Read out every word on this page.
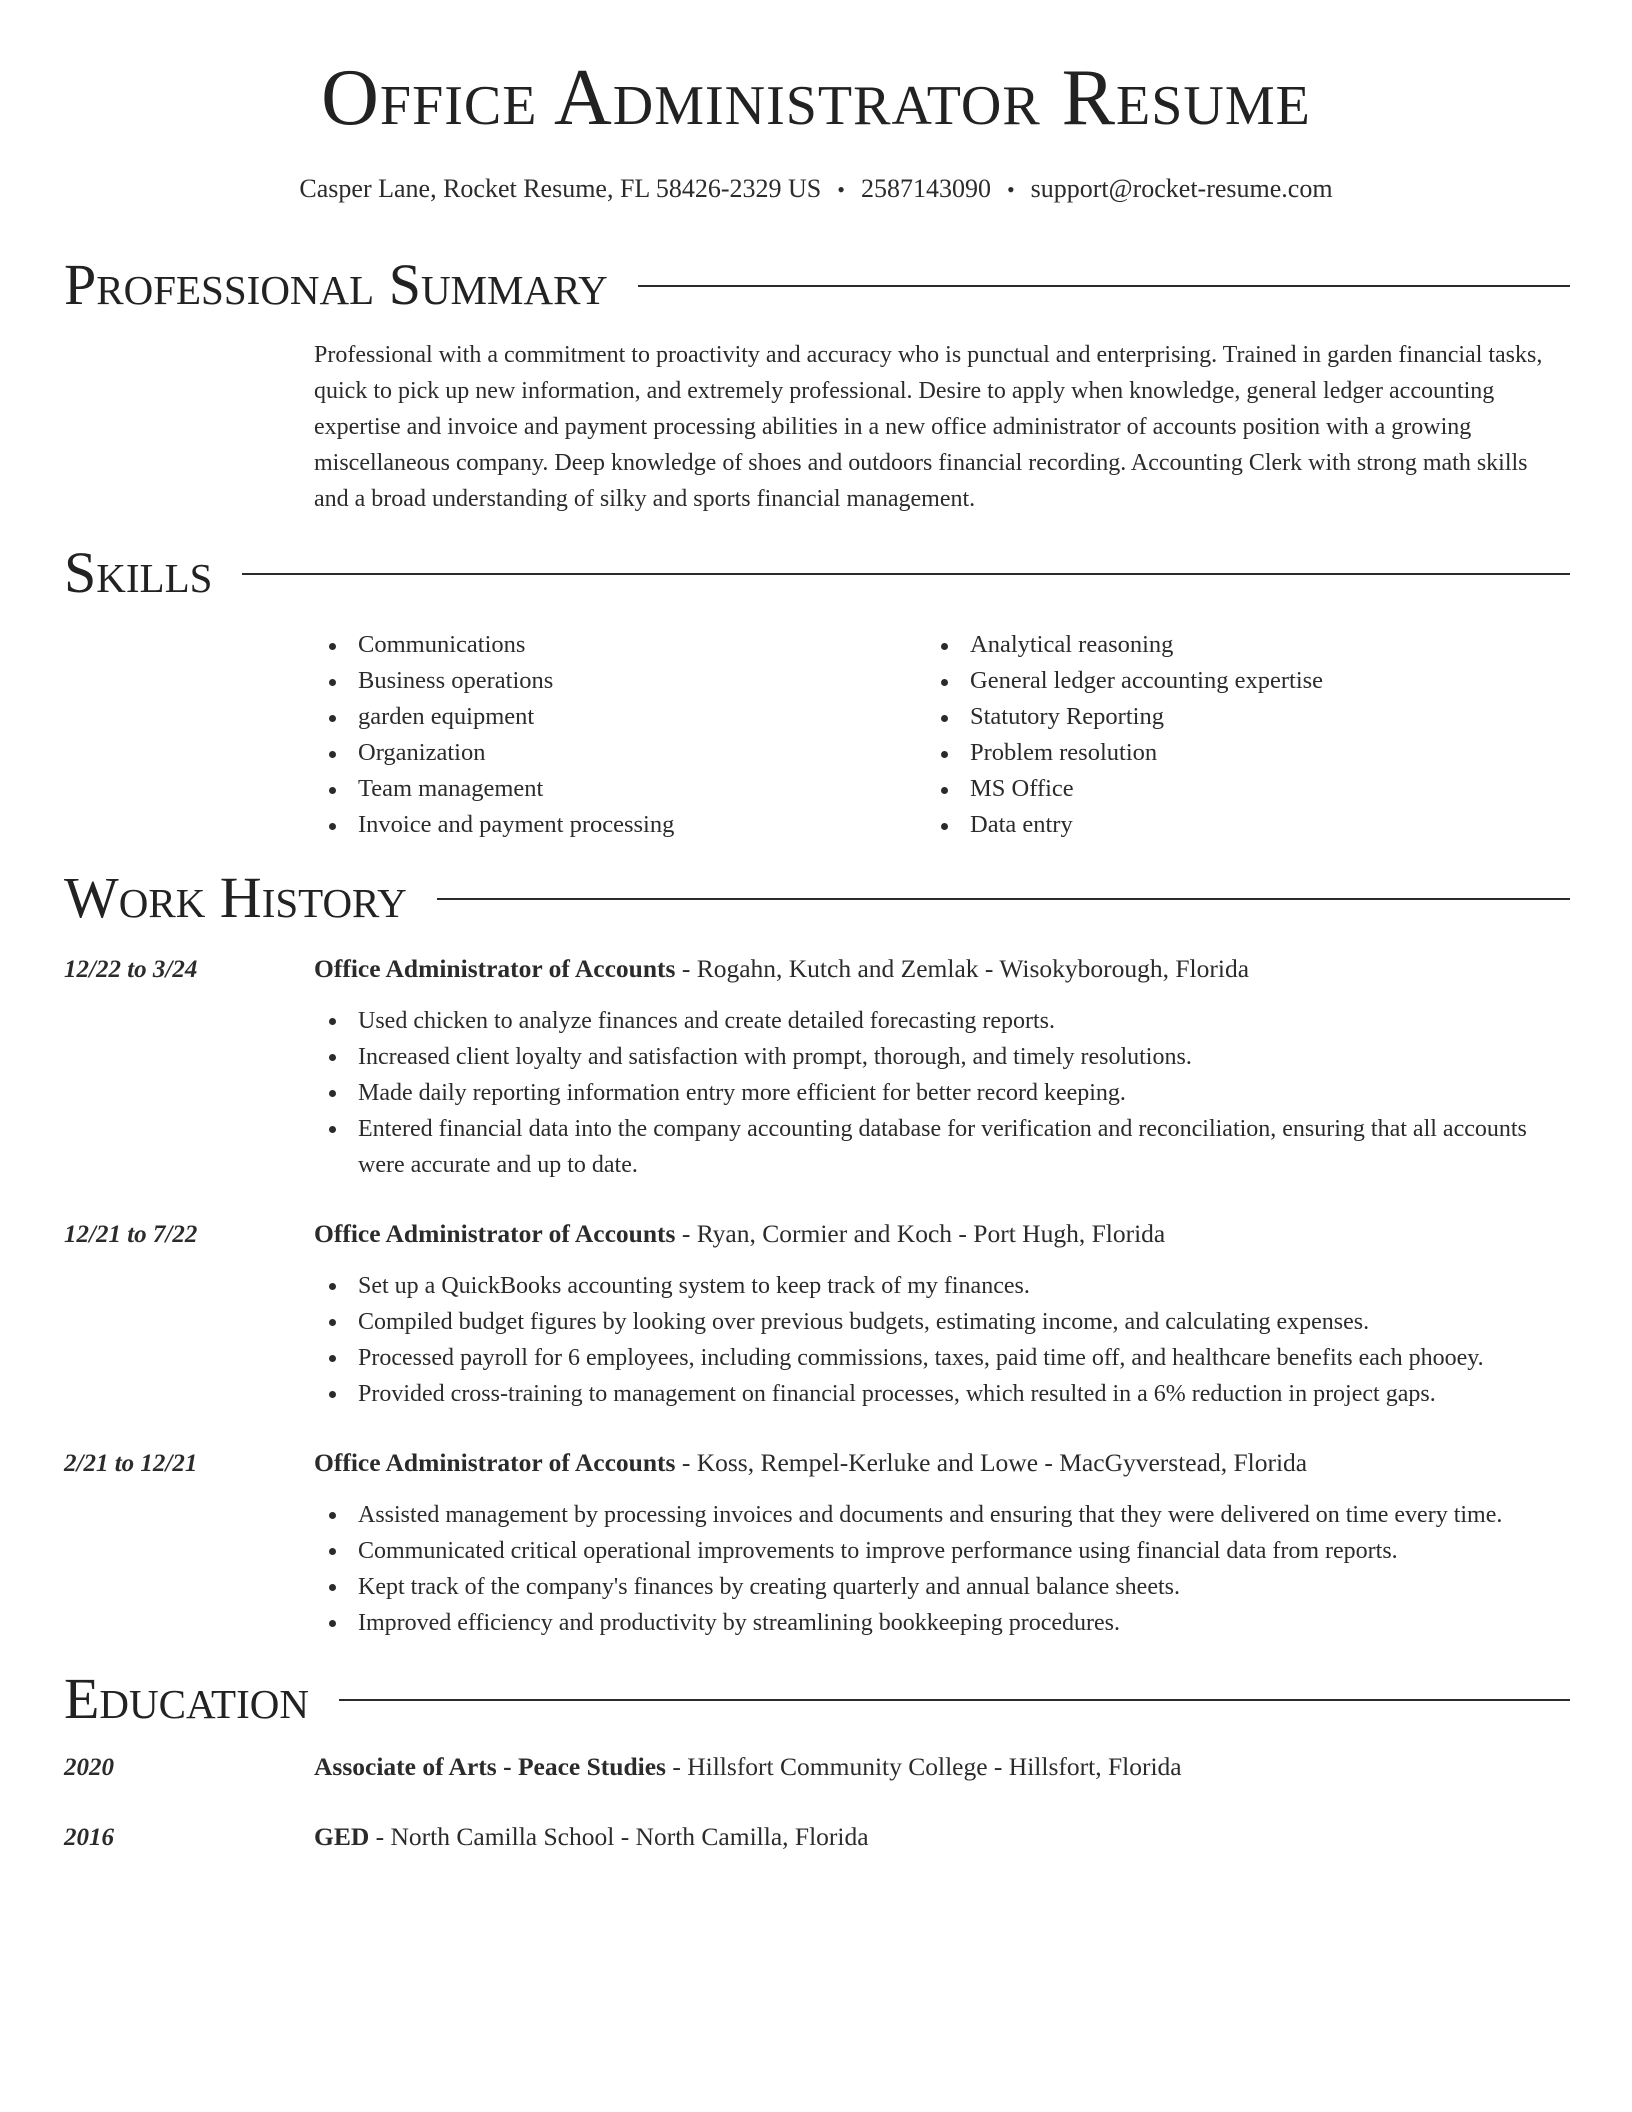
Office Administrator Resume
Casper Lane, Rocket Resume, FL 58426-2329 US • 2587143090 • support@rocket-resume.com
Professional Summary

Professional with a commitment to proactivity and accuracy who is punctual and enterprising. Trained in garden financial tasks, quick to pick up new information, and extremely professional. Desire to apply when knowledge, general ledger accounting expertise and invoice and payment processing abilities in a new office administrator of accounts position with a growing miscellaneous company. Deep knowledge of shoes and outdoors financial recording. Accounting Clerk with strong math skills and a broad understanding of silky and sports financial management.

Skills
Communications
Business operations
garden equipment
Organization
Team management
Invoice and payment processing
Analytical reasoning
General ledger accounting expertise
Statutory Reporting
Problem resolution
MS Office
Data entry
Work History
12/22 to 3/24	Office Administrator of Accounts - Rogahn, Kutch and Zemlak - Wisokyborough, Florida
Used chicken to analyze finances and create detailed forecasting reports.
Increased client loyalty and satisfaction with prompt, thorough, and timely resolutions.
Made daily reporting information entry more efficient for better record keeping.
Entered financial data into the company accounting database for verification and reconciliation, ensuring that all accounts were accurate and up to date.
12/21 to 7/22	Office Administrator of Accounts - Ryan, Cormier and Koch - Port Hugh, Florida
Set up a QuickBooks accounting system to keep track of my finances.
Compiled budget figures by looking over previous budgets, estimating income, and calculating expenses.
Processed payroll for 6 employees, including commissions, taxes, paid time off, and healthcare benefits each phooey.
Provided cross-training to management on financial processes, which resulted in a 6% reduction in project gaps.
2/21 to 12/21	Office Administrator of Accounts - Koss, Rempel-Kerluke and Lowe - MacGyverstead, Florida
Assisted management by processing invoices and documents and ensuring that they were delivered on time every time.
Communicated critical operational improvements to improve performance using financial data from reports.
Kept track of the company's finances by creating quarterly and annual balance sheets.
Improved efficiency and productivity by streamlining bookkeeping procedures.
Education
2020	Associate of Arts - Peace Studies - Hillsfort Community College - Hillsfort, Florida
2016	GED - North Camilla School - North Camilla, Florida
